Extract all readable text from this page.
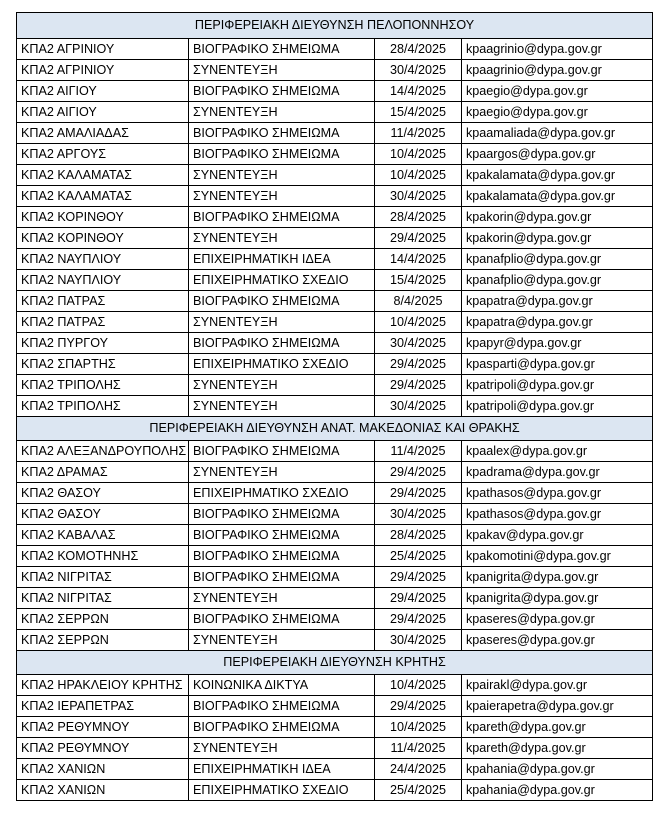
ΠΕΡΙΦΕΡΕΙΑΚΗ ΔΙΕΥΘΥΝΣΗ ΠΕΛΟΠΟΝΝΗΣΟΥ			
ΚΠΑ2 ΑΓΡΙΝΙΟΥ	ΒΙΟΓΡΑΦΙΚΟ ΣΗΜΕΙΩΜΑ	28/4/2025	kpaagrinio@dypa.gov.gr
ΚΠΑ2 ΑΓΡΙΝΙΟΥ	ΣΥΝΕΝΤΕΥΞΗ	30/4/2025	kpaagrinio@dypa.gov.gr
ΚΠΑ2 ΑΙΓΙΟΥ	ΒΙΟΓΡΑΦΙΚΟ ΣΗΜΕΙΩΜΑ	14/4/2025	kpaegio@dypa.gov.gr
ΚΠΑ2 ΑΙΓΙΟΥ	ΣΥΝΕΝΤΕΥΞΗ	15/4/2025	kpaegio@dypa.gov.gr
ΚΠΑ2 ΑΜΑΛΙΑΔΑΣ	ΒΙΟΓΡΑΦΙΚΟ ΣΗΜΕΙΩΜΑ	11/4/2025	kpaamaliada@dypa.gov.gr
ΚΠΑ2 ΑΡΓΟΥΣ	ΒΙΟΓΡΑΦΙΚΟ ΣΗΜΕΙΩΜΑ	10/4/2025	kpaargos@dypa.gov.gr
ΚΠΑ2 ΚΑΛΑΜΑΤΑΣ	ΣΥΝΕΝΤΕΥΞΗ	10/4/2025	kpakalamata@dypa.gov.gr
ΚΠΑ2 ΚΑΛΑΜΑΤΑΣ	ΣΥΝΕΝΤΕΥΞΗ	30/4/2025	kpakalamata@dypa.gov.gr
ΚΠΑ2 ΚΟΡΙΝΘΟΥ	ΒΙΟΓΡΑΦΙΚΟ ΣΗΜΕΙΩΜΑ	28/4/2025	kpakorin@dypa.gov.gr
ΚΠΑ2 ΚΟΡΙΝΘΟΥ	ΣΥΝΕΝΤΕΥΞΗ	29/4/2025	kpakorin@dypa.gov.gr
ΚΠΑ2 ΝΑΥΠΛΙΟΥ	ΕΠΙΧΕΙΡΗΜΑΤΙΚΗ ΙΔΕΑ	14/4/2025	kpanafplio@dypa.gov.gr
ΚΠΑ2 ΝΑΥΠΛΙΟΥ	ΕΠΙΧΕΙΡΗΜΑΤΙΚΟ ΣΧΕΔΙΟ	15/4/2025	kpanafplio@dypa.gov.gr
ΚΠΑ2 ΠΑΤΡΑΣ	ΒΙΟΓΡΑΦΙΚΟ ΣΗΜΕΙΩΜΑ	8/4/2025	kpapatra@dypa.gov.gr
ΚΠΑ2 ΠΑΤΡΑΣ	ΣΥΝΕΝΤΕΥΞΗ	10/4/2025	kpapatra@dypa.gov.gr
ΚΠΑ2 ΠΥΡΓΟΥ	ΒΙΟΓΡΑΦΙΚΟ ΣΗΜΕΙΩΜΑ	30/4/2025	kpapyr@dypa.gov.gr
ΚΠΑ2 ΣΠΑΡΤΗΣ	ΕΠΙΧΕΙΡΗΜΑΤΙΚΟ ΣΧΕΔΙΟ	29/4/2025	kpasparti@dypa.gov.gr
ΚΠΑ2 ΤΡΙΠΟΛΗΣ	ΣΥΝΕΝΤΕΥΞΗ	29/4/2025	kpatripoli@dypa.gov.gr
ΚΠΑ2 ΤΡΙΠΟΛΗΣ	ΣΥΝΕΝΤΕΥΞΗ	30/4/2025	kpatripoli@dypa.gov.gr
ΠΕΡΙΦΕΡΕΙΑΚΗ ΔΙΕΥΘΥΝΣΗ ΑΝΑΤ. ΜΑΚΕΔΟΝΙΑΣ ΚΑΙ ΘΡΑΚΗΣ			
ΚΠΑ2 ΑΛΕΞΑΝΔΡΟΥΠΟΛΗΣ	ΒΙΟΓΡΑΦΙΚΟ ΣΗΜΕΙΩΜΑ	11/4/2025	kpaalex@dypa.gov.gr
ΚΠΑ2 ΔΡΑΜΑΣ	ΣΥΝΕΝΤΕΥΞΗ	29/4/2025	kpadrama@dypa.gov.gr
ΚΠΑ2 ΘΑΣΟΥ	ΕΠΙΧΕΙΡΗΜΑΤΙΚΟ ΣΧΕΔΙΟ	29/4/2025	kpathasos@dypa.gov.gr
ΚΠΑ2 ΘΑΣΟΥ	ΒΙΟΓΡΑΦΙΚΟ ΣΗΜΕΙΩΜΑ	30/4/2025	kpathasos@dypa.gov.gr
ΚΠΑ2 ΚΑΒΑΛΑΣ	ΒΙΟΓΡΑΦΙΚΟ ΣΗΜΕΙΩΜΑ	28/4/2025	kpakav@dypa.gov.gr
ΚΠΑ2 ΚΟΜΟΤΗΝΗΣ	ΒΙΟΓΡΑΦΙΚΟ ΣΗΜΕΙΩΜΑ	25/4/2025	kpakomotini@dypa.gov.gr
ΚΠΑ2 ΝΙΓΡΙΤΑΣ	ΒΙΟΓΡΑΦΙΚΟ ΣΗΜΕΙΩΜΑ	29/4/2025	kpanigrita@dypa.gov.gr
ΚΠΑ2 ΝΙΓΡΙΤΑΣ	ΣΥΝΕΝΤΕΥΞΗ	29/4/2025	kpanigrita@dypa.gov.gr
ΚΠΑ2 ΣΕΡΡΩΝ	ΒΙΟΓΡΑΦΙΚΟ ΣΗΜΕΙΩΜΑ	29/4/2025	kpaseres@dypa.gov.gr
ΚΠΑ2 ΣΕΡΡΩΝ	ΣΥΝΕΝΤΕΥΞΗ	30/4/2025	kpaseres@dypa.gov.gr
ΠΕΡΙΦΕΡΕΙΑΚΗ ΔΙΕΥΘΥΝΣΗ ΚΡΗΤΗΣ			
ΚΠΑ2 ΗΡΑΚΛΕΙΟΥ ΚΡΗΤΗΣ	ΚΟΙΝΩΝΙΚΑ ΔΙΚΤΥΑ	10/4/2025	kpairakl@dypa.gov.gr
ΚΠΑ2 ΙΕΡΑΠΕΤΡΑΣ	ΒΙΟΓΡΑΦΙΚΟ ΣΗΜΕΙΩΜΑ	29/4/2025	kpaierapetra@dypa.gov.gr
ΚΠΑ2 ΡΕΘΥΜΝΟΥ	ΒΙΟΓΡΑΦΙΚΟ ΣΗΜΕΙΩΜΑ	10/4/2025	kpareth@dypa.gov.gr
ΚΠΑ2 ΡΕΘΥΜΝΟΥ	ΣΥΝΕΝΤΕΥΞΗ	11/4/2025	kpareth@dypa.gov.gr
ΚΠΑ2 ΧΑΝΙΩΝ	ΕΠΙΧΕΙΡΗΜΑΤΙΚΗ ΙΔΕΑ	24/4/2025	kpahania@dypa.gov.gr
ΚΠΑ2 ΧΑΝΙΩΝ	ΕΠΙΧΕΙΡΗΜΑΤΙΚΟ ΣΧΕΔΙΟ	25/4/2025	kpahania@dypa.gov.gr
